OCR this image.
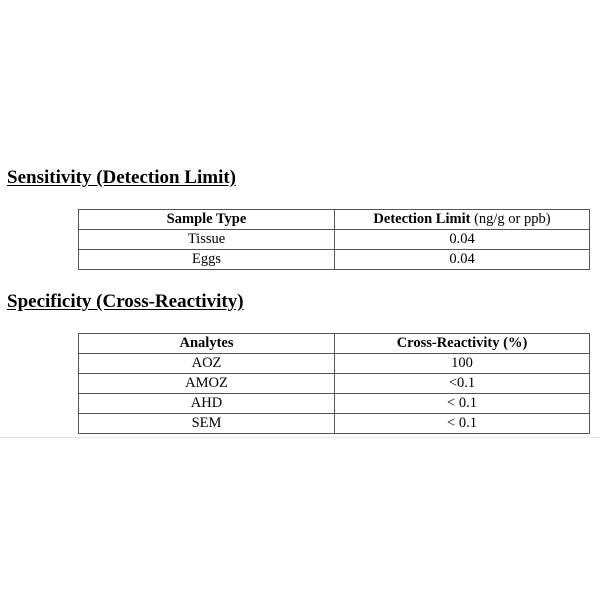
Sensitivity (Detection Limit)
Sample Type	Detection Limit (ng/g or ppb)
Tissue	0.04
Eggs	0.04
Specificity (Cross-Reactivity)
Analytes	Cross-Reactivity (%)
AOZ	100
AMOZ	<0.1
AHD	< 0.1
SEM	< 0.1
